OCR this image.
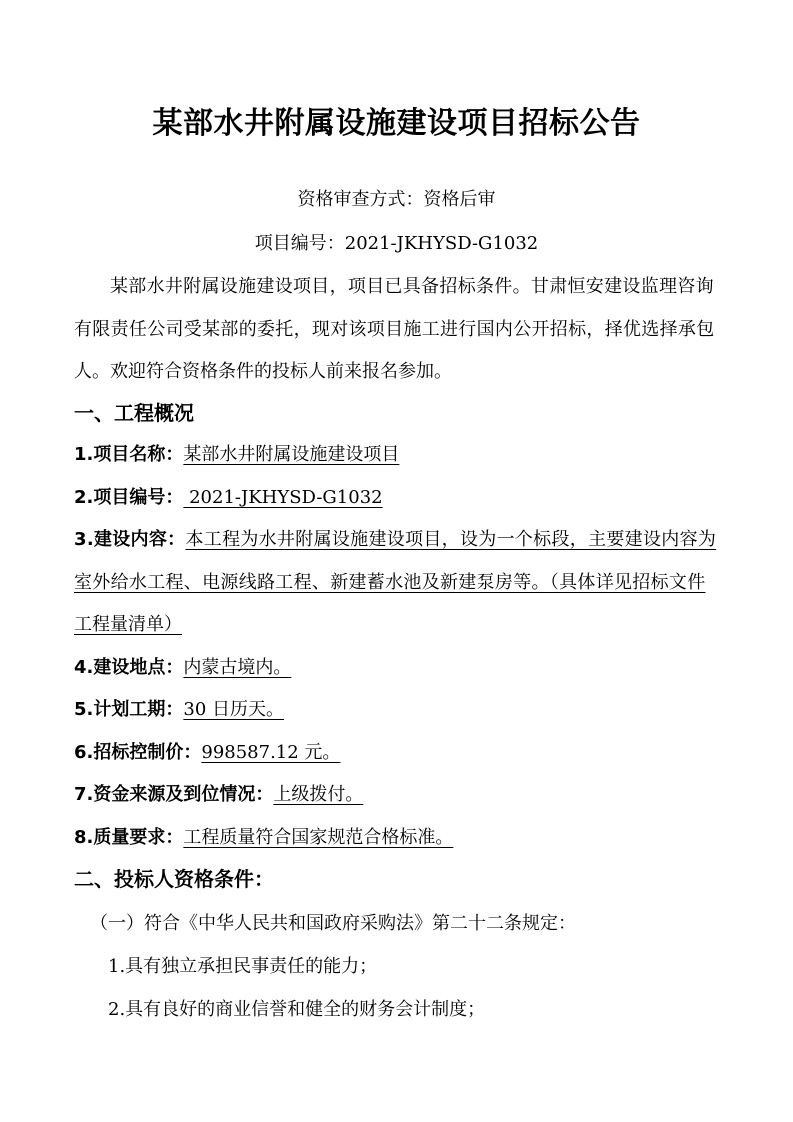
某部水井附属设施建设项目招标公告
资格审查方式：资格后审
项目编号：2021-JKHYSD-G1032
某部水井附属设施建设项目，项目已具备招标条件。甘肃恒安建设监理咨询
有限责任公司受某部的委托，现对该项目施工进行国内公开招标，择优选择承包
人。欢迎符合资格条件的投标人前来报名参加。
一、工程概况
1.项目名称：某部水井附属设施建设项目
2.项目编号： 2021-JKHYSD-G1032
3.建设内容：本工程为水井附属设施建设项目，设为一个标段，主要建设内容为
室外给水工程、电源线路工程、新建蓄水池及新建泵房等。（具体详见招标文件
工程量清单）
4.建设地点：内蒙古境内。
5.计划工期：30 日历天。
6.招标控制价：998587.12 元。
7.资金来源及到位情况：上级拨付。
8.质量要求：工程质量符合国家规范合格标准。
二、投标人资格条件：
（一）符合《中华人民共和国政府采购法》第二十二条规定：
1.具有独立承担民事责任的能力；
2.具有良好的商业信誉和健全的财务会计制度；
